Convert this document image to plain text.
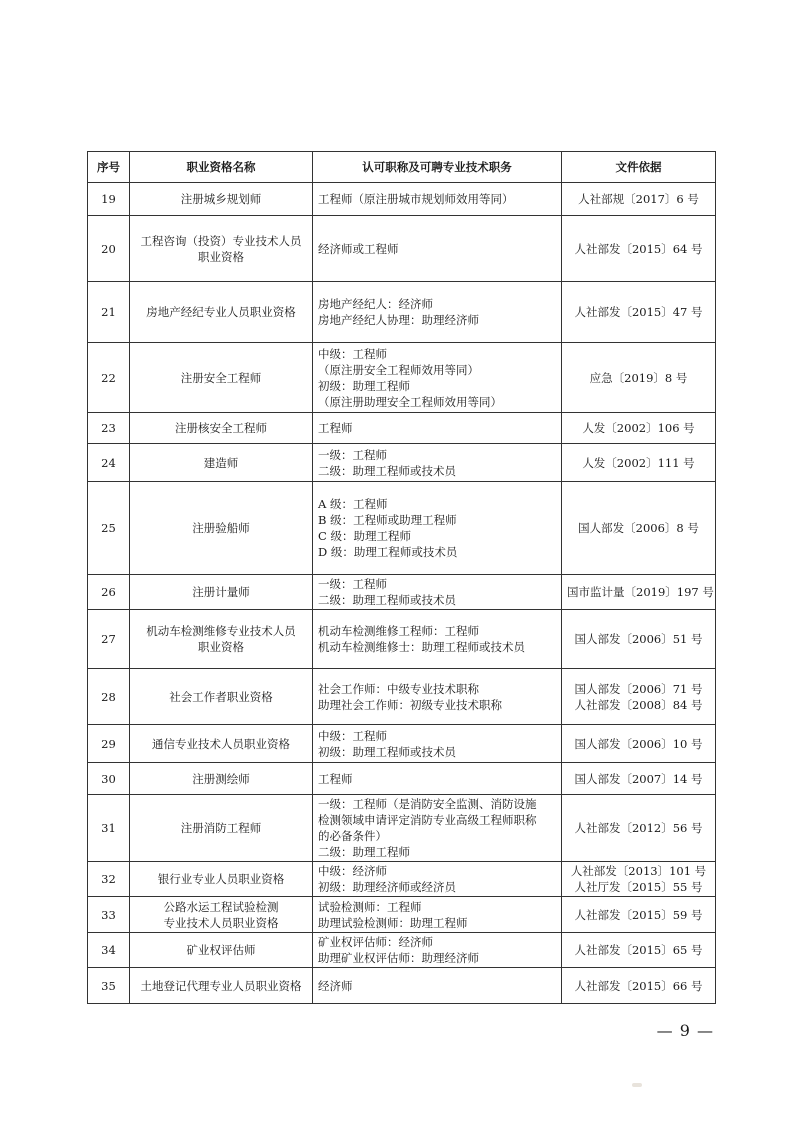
序号	职业资格名称	认可职称及可聘专业技术职务	文件依据
19	注册城乡规划师	工程师（原注册城市规划师效用等同）	人社部规〔2017〕6 号

20	工程咨询（投资）专业技术人员
职业资格	经济师或工程师	人社部发〔2015〕64 号

21	房地产经纪专业人员职业资格	房地产经纪人：经济师
房地产经纪人协理：助理经济师	人社部发〔2015〕47 号

22	注册安全工程师	中级：工程师
（原注册安全工程师效用等同）
初级：助理工程师
（原注册助理安全工程师效用等同）	应急〔2019〕8 号

23	注册核安全工程师	工程师	人发〔2002〕106 号

24	建造师	一级：工程师
二级：助理工程师或技术员	人发〔2002〕111 号

25	注册验船师	A 级：工程师
B 级：工程师或助理工程师
C 级：助理工程师
D 级：助理工程师或技术员	国人部发〔2006〕8 号

26	注册计量师	一级：工程师
二级：助理工程师或技术员	国市监计量〔2019〕197 号

27	机动车检测维修专业技术人员
职业资格	机动车检测维修工程师：工程师
机动车检测维修士：助理工程师或技术员	国人部发〔2006〕51 号

28	社会工作者职业资格	社会工作师：中级专业技术职称
助理社会工作师：初级专业技术职称	国人部发〔2006〕71 号
人社部发〔2008〕84 号

29	通信专业技术人员职业资格	中级：工程师
初级：助理工程师或技术员	国人部发〔2006〕10 号

30	注册测绘师	工程师	国人部发〔2007〕14 号

31	注册消防工程师	一级：工程师（是消防安全监测、消防设施
检测领域申请评定消防专业高级工程师职称
的必备条件）
二级：助理工程师	人社部发〔2012〕56 号

32	银行业专业人员职业资格	中级：经济师
初级：助理经济师或经济员	人社部发〔2013〕101 号
人社厅发〔2015〕55 号

33	公路水运工程试验检测
专业技术人员职业资格	试验检测师：工程师
助理试验检测师：助理工程师	人社部发〔2015〕59 号

34	矿业权评估师	矿业权评估师：经济师
助理矿业权评估师：助理经济师	人社部发〔2015〕65 号

35	土地登记代理专业人员职业资格	经济师	人社部发〔2015〕66 号
— 9 —
